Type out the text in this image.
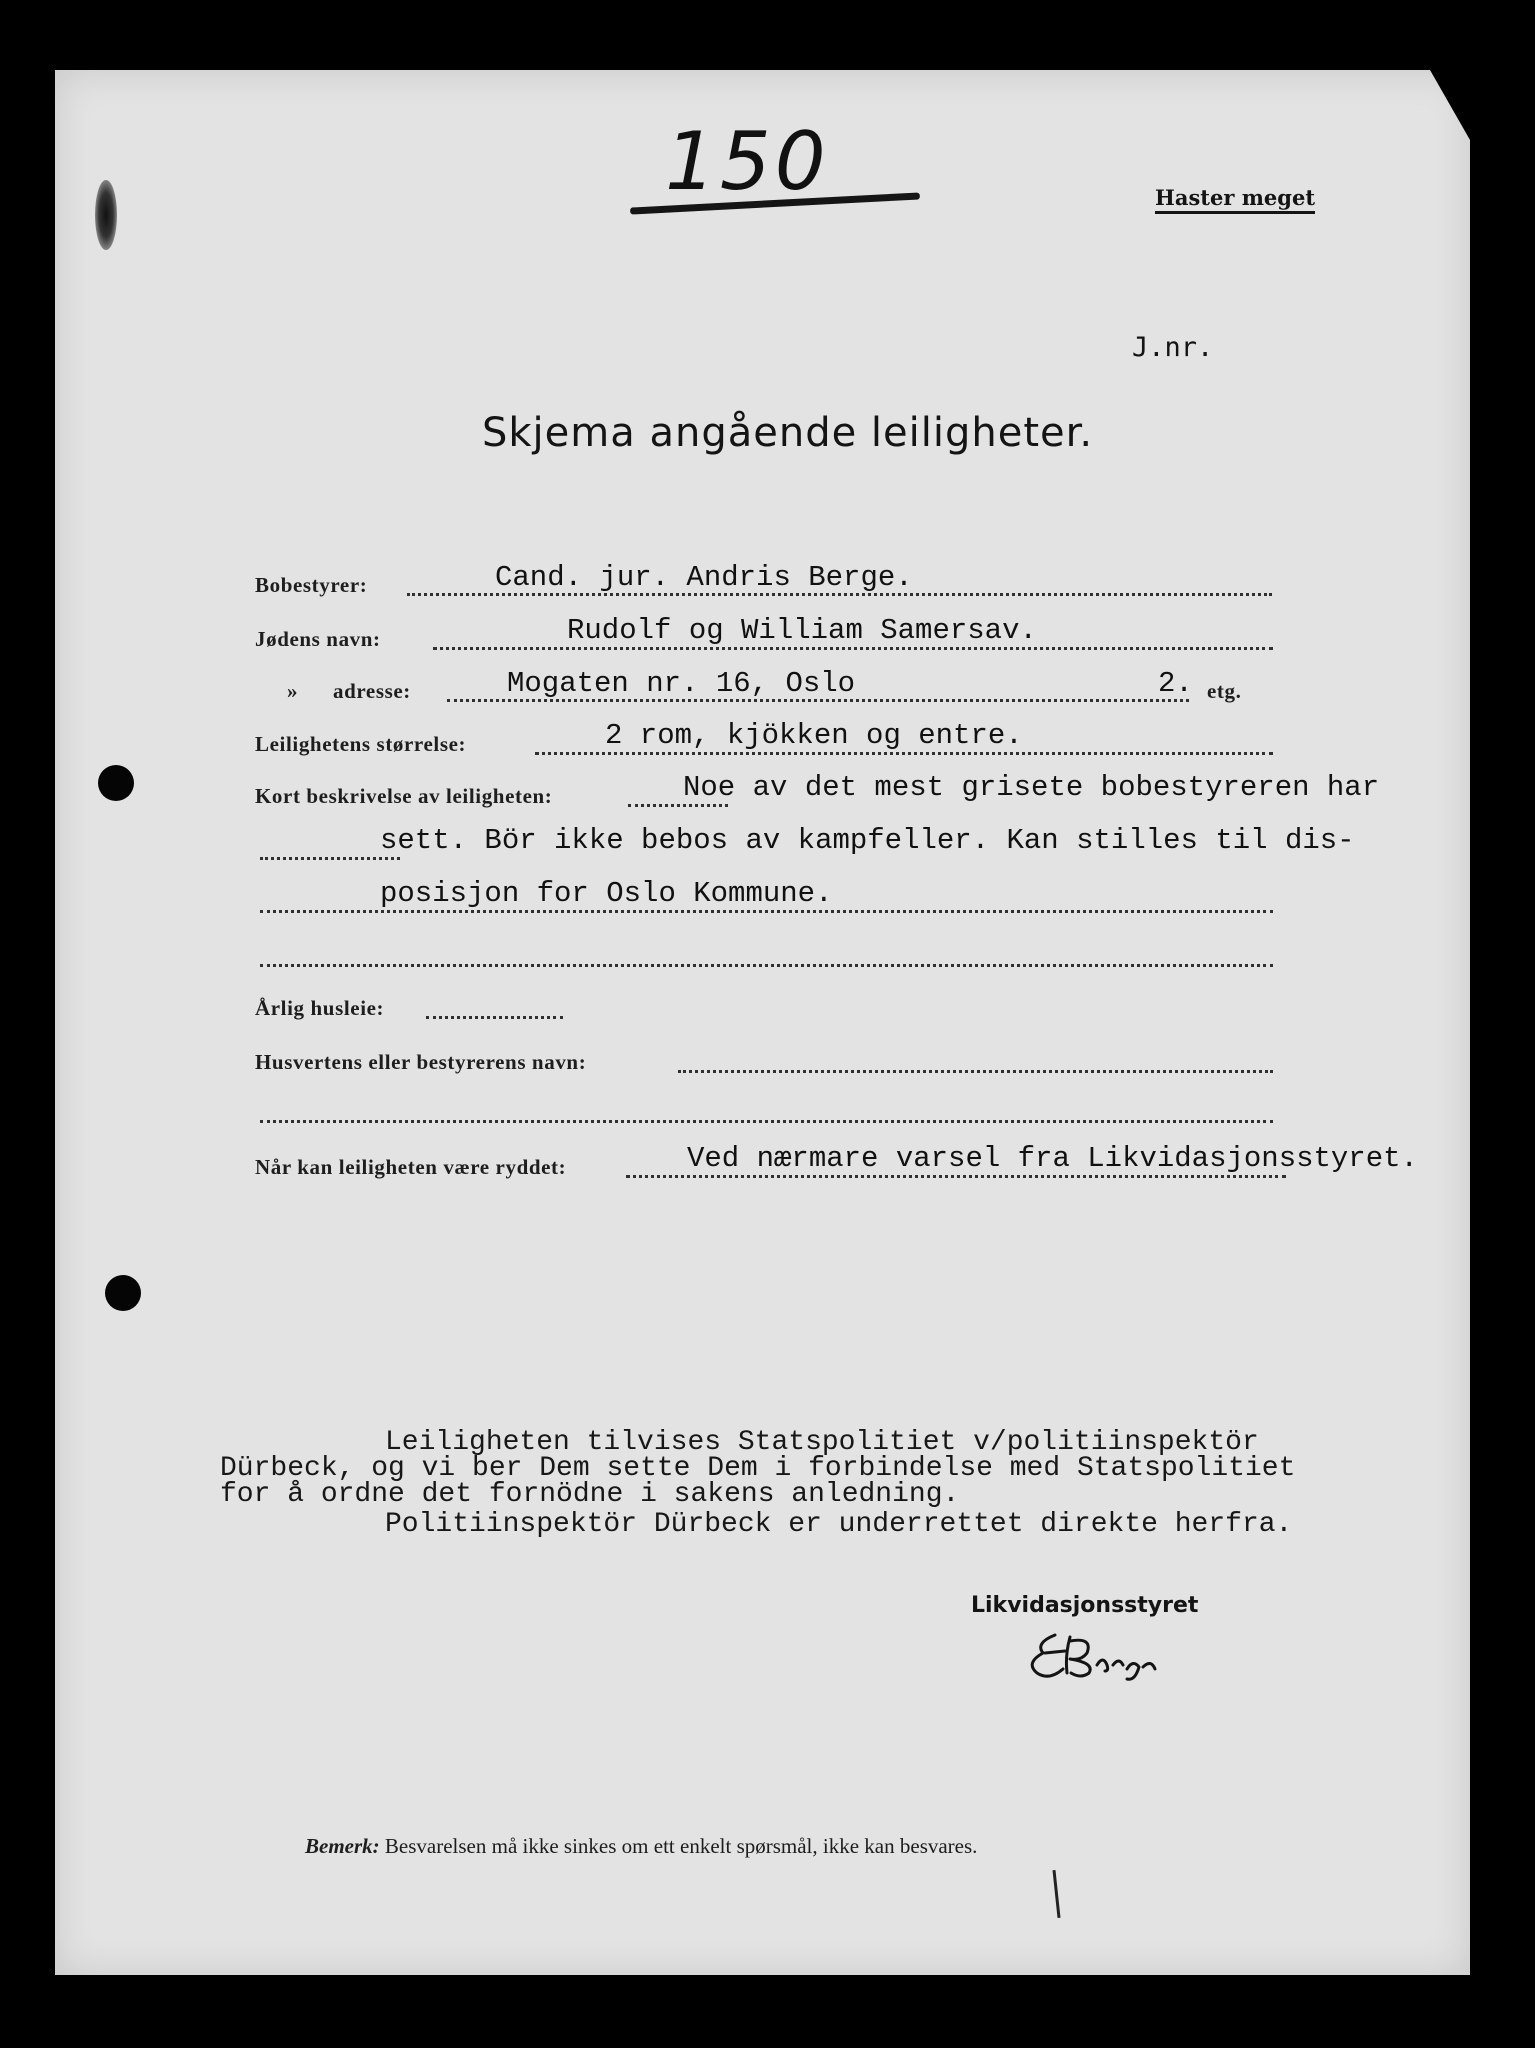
150	Haster meget
J.nr.
Skjema angående leiligheter.
Bobestyrer:	Cand. jur. Andris Berge.
Jødens navn:	Rudolf og William Samersav.
» adresse:	Mogaten nr. 16, Oslo	2. etg.
Leilighetens størrelse:	2 rom, kjökken og entre.
Kort beskrivelse av leiligheten:	Noe av det mest grisete bobestyreren har
sett. Bör ikke bebos av kampfeller. Kan stilles til dis-
posisjon for Oslo Kommune.
Årlig husleie:
Husvertens eller bestyrerens navn:
Når kan leiligheten være ryddet:	Ved nærmare varsel fra Likvidasjonsstyret.
Leiligheten tilvises Statspolitiet v/politiinspektör
Dürbeck, og vi ber Dem sette Dem i forbindelse med Statspolitiet
for å ordne det fornödne i sakens anledning.
Politiinspektör Dürbeck er underrettet direkte herfra.
Likvidasjonsstyret
Bemerk: Besvarelsen må ikke sinkes om ett enkelt spørsmål, ikke kan besvares.
